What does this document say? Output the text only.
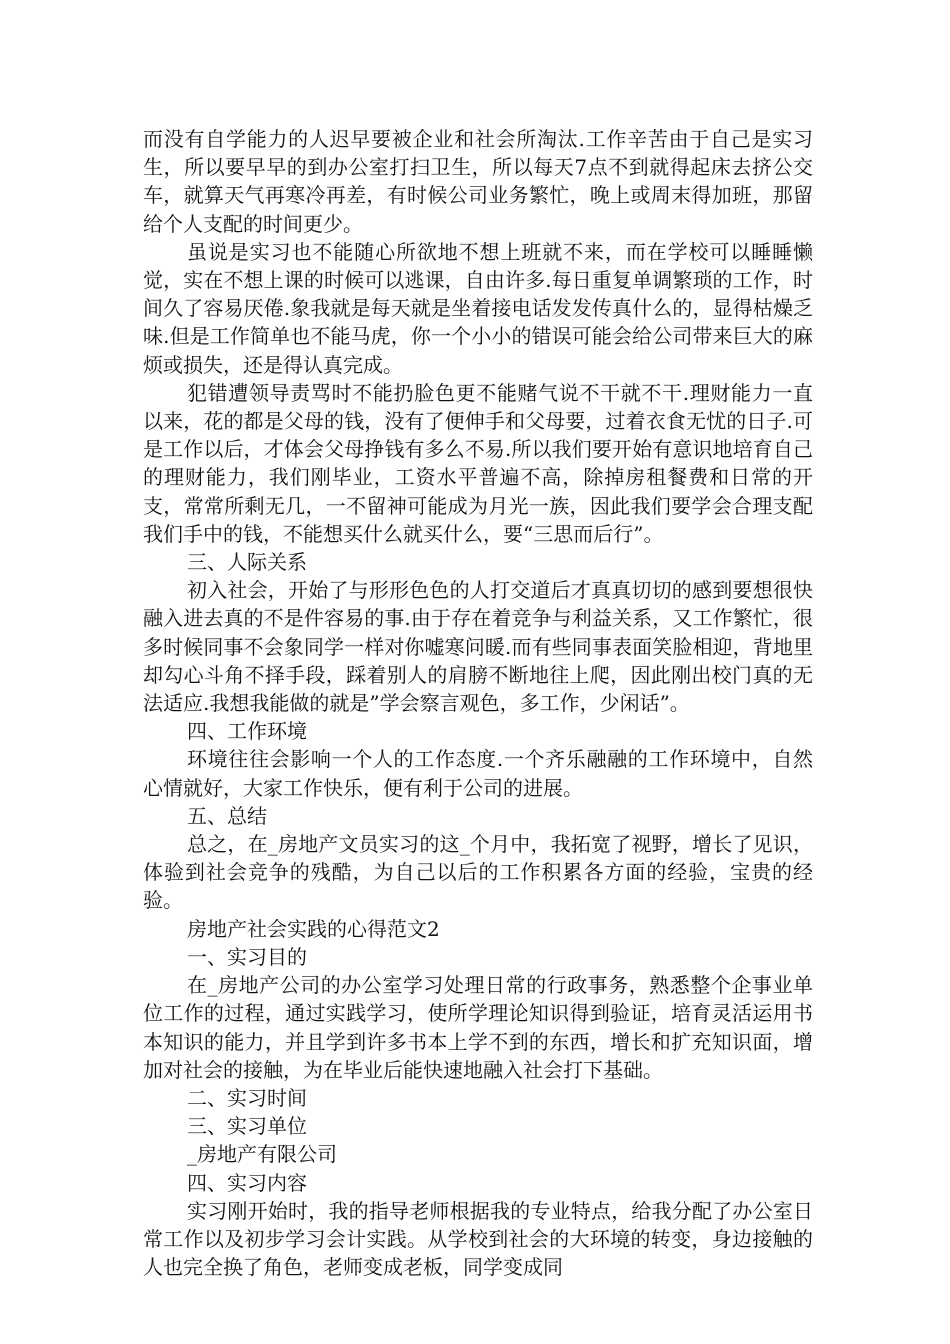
而没有自学能力的人迟早要被企业和社会所淘汰.工作辛苦由于自己是实习生，所以要早早的到办公室打扫卫生，所以每天7点不到就得起床去挤公交车，就算天气再寒冷再差，有时候公司业务繁忙，晚上或周末得加班，那留给个人支配的时间更少。

虽说是实习也不能随心所欲地不想上班就不来，而在学校可以睡睡懒觉，实在不想上课的时候可以逃课，自由许多.每日重复单调繁琐的工作，时间久了容易厌倦.象我就是每天就是坐着接电话发发传真什么的，显得枯燥乏味.但是工作简单也不能马虎，你一个小小的错误可能会给公司带来巨大的麻烦或损失，还是得认真完成。

犯错遭领导责骂时不能扔脸色更不能赌气说不干就不干.理财能力一直以来，花的都是父母的钱，没有了便伸手和父母要，过着衣食无忧的日子.可是工作以后，才体会父母挣钱有多么不易.所以我们要开始有意识地培育自己的理财能力，我们刚毕业，工资水平普遍不高，除掉房租餐费和日常的开支，常常所剩无几，一不留神可能成为月光一族，因此我们要学会合理支配我们手中的钱，不能想买什么就买什么，要“三思而后行”。

三、人际关系

初入社会，开始了与形形色色的人打交道后才真真切切的感到要想很快融入进去真的不是件容易的事.由于存在着竞争与利益关系，又工作繁忙，很多时候同事不会象同学一样对你嘘寒问暖.而有些同事表面笑脸相迎，背地里却勾心斗角不择手段，踩着别人的肩膀不断地往上爬，因此刚出校门真的无法适应.我想我能做的就是”学会察言观色，多工作，少闲话”。

四、工作环境

环境往往会影响一个人的工作态度.一个齐乐融融的工作环境中，自然心情就好，大家工作快乐，便有利于公司的进展。

五、总结

总之，在_房地产文员实习的这_个月中，我拓宽了视野，增长了见识，体验到社会竞争的残酷，为自己以后的工作积累各方面的经验，宝贵的经验。

房地产社会实践的心得范文2

一、实习目的

在_房地产公司的办公室学习处理日常的行政事务，熟悉整个企事业单位工作的过程，通过实践学习，使所学理论知识得到验证，培育灵活运用书本知识的能力，并且学到许多书本上学不到的东西，增长和扩充知识面，增加对社会的接触，为在毕业后能快速地融入社会打下基础。

二、实习时间

三、实习单位

_房地产有限公司

四、实习内容

实习刚开始时，我的指导老师根据我的专业特点，给我分配了办公室日常工作以及初步学习会计实践。从学校到社会的大环境的转变，身边接触的人也完全换了角色，老师变成老板，同学变成同
